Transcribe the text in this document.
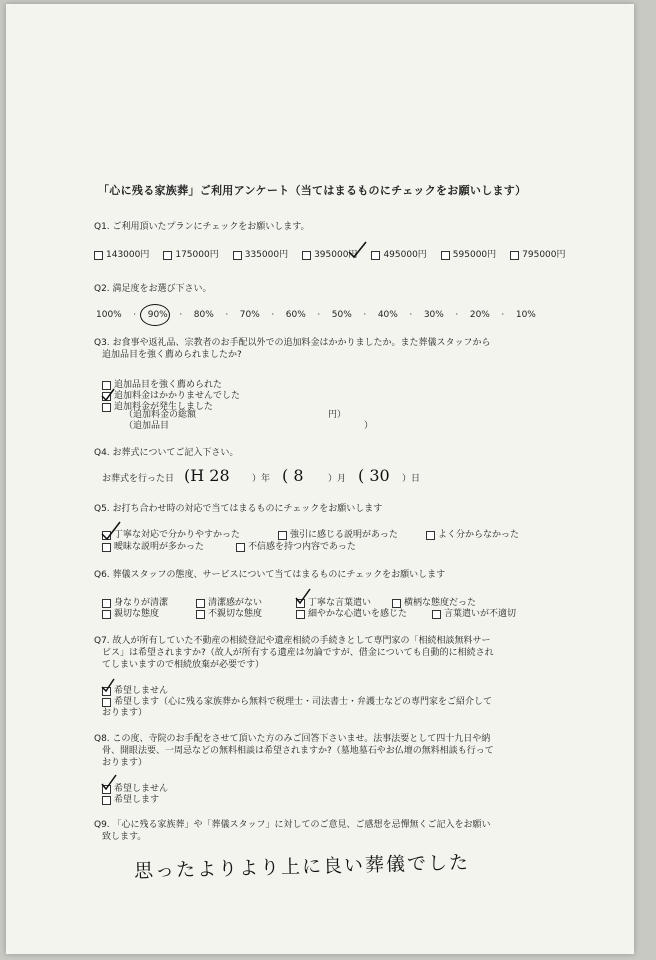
「心に残る家族葬」ご利用アンケート（当てはまるものにチェックをお願いします）
Q1. ご利用頂いたプランにチェックをお願いします。
143000円	175000円	335000円	395000円	495000円	595000円	795000円
Q2. 満足度をお選び下さい。
100% · 90% · 80% · 70% · 60% · 50% · 40% · 30% · 20% · 10%
Q3. お食事や返礼品、宗教者のお手配以外での追加料金はかかりましたか。また葬儀スタッフから
追加品目を強く薦められましたか?
追加品目を強く薦められた
追加料金はかかりませんでした
追加料金が発生しました
（追加料金の総額	円）
（追加品目	）
Q4. お葬式についてご記入下さい。
お葬式を行った日 (H 28 ）年 ( 8	）月 ( 30 ）日
Q5. お打ち合わせ時の対応で当てはまるものにチェックをお願いします
丁寧な対応で分かりやすかった	強引に感じる説明があった	よく分からなかった
曖昧な説明が多かった	不信感を持つ内容であった
Q6. 葬儀スタッフの態度、サービスについて当てはまるものにチェックをお願いします
身なりが清潔	清潔感がない	丁寧な言葉遣い	横柄な態度だった
親切な態度	不親切な態度	細やかな心遣いを感じた	言葉遣いが不適切
Q7. 故人が所有していた不動産の相続登記や遺産相続の手続きとして専門家の「相続相談無料サー
ビス」は希望されますか?（故人が所有する遺産は勿論ですが、借金についても自動的に相続され
てしまいますので相続放棄が必要です）
希望しません
希望します（心に残る家族葬から無料で税理士・司法書士・弁護士などの専門家をご紹介して
おります）
Q8. この度、寺院のお手配をさせて頂いた方のみご回答下さいませ。法事法要として四十九日や納
骨、開眼法要、一周忌などの無料相談は希望されますか?（墓地墓石やお仏壇の無料相談も行って
おります）
希望しません
希望します
Q9. 「心に残る家族葬」や「葬儀スタッフ」に対してのご意見、ご感想を忌憚無くご記入をお願い
致します。
思ったよりより上に良い葬儀でした
